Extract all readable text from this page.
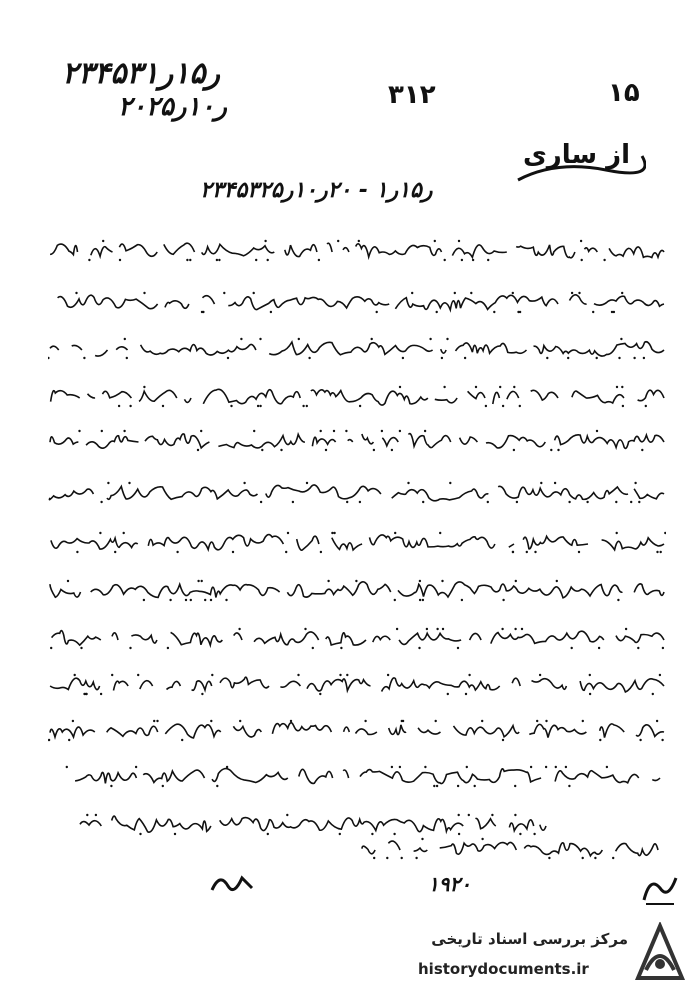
۲۳۴۵۳ر۱۵ر۱
۲۰ر۱۰ر۲۵	۳۱۲	۱۵
از ساری
۲۳۴۵۳ر۱۵ر۱ - ۲۰ر۱۰ر۲۵
۱۹۲۰
مرکز بررسی اسناد تاریخی
historydocuments.ir
